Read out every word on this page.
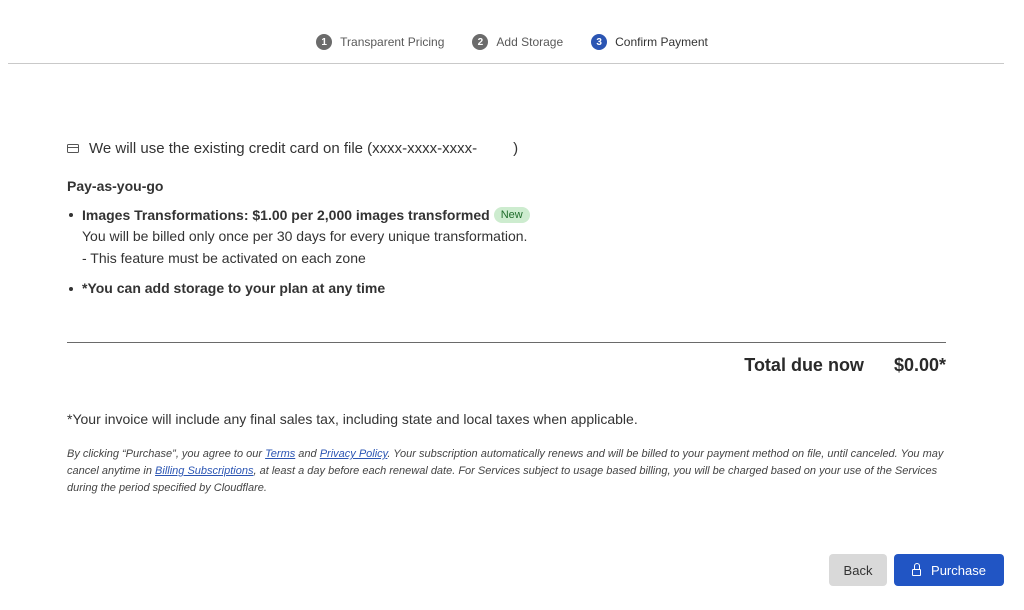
1	Transparent Pricing	2	Add Storage	3	Confirm Payment
We will use the existing credit card on file (xxxx-xxxx-xxxx- )
Pay-as-you-go
Images Transformations: $1.00 per 2,000 images transformed	New
You will be billed only once per 30 days for every unique transformation.
- This feature must be activated on each zone
*You can add storage to your plan at any time
Total due now $0.00*
*Your invoice will include any final sales tax, including state and local taxes when applicable.

By clicking “Purchase”, you agree to our Terms and Privacy Policy. Your subscription automatically renews and will be billed to your payment method on file, until canceled. You may cancel anytime in Billing Subscriptions, at least a day before each renewal date. For Services subject to usage based billing, you will be charged based on your use of the Services during the period specified by Cloudflare.

Back	Purchase
